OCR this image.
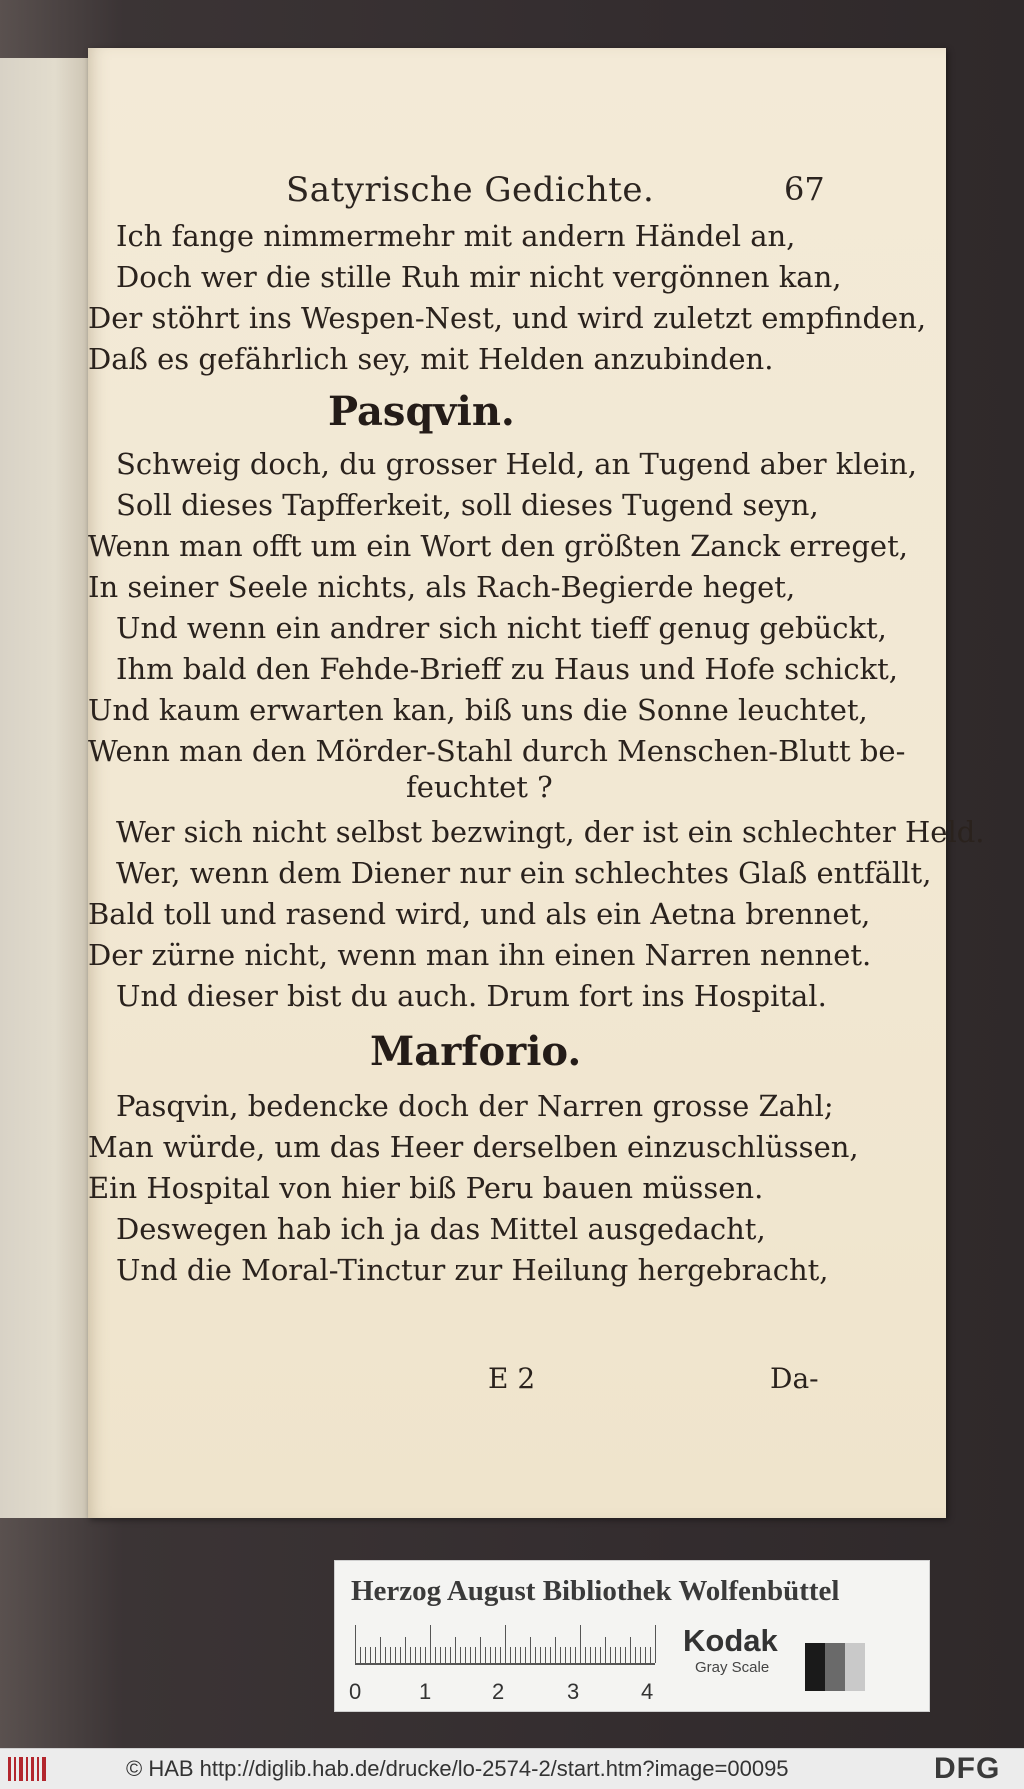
Satyrische Gedichte.	67
Ich fange nimmermehr mit andern Händel an,
Doch wer die stille Ruh mir nicht vergönnen kan,
Der stöhrt ins Wespen-Nest, und wird zuletzt empfinden,
Daß es gefährlich sey, mit Helden anzubinden.
Pasqvin.
Schweig doch, du grosser Held, an Tugend aber klein,
Soll dieses Tapfferkeit, soll dieses Tugend seyn,
Wenn man offt um ein Wort den größten Zanck erreget,
In seiner Seele nichts, als Rach-Begierde heget,
Und wenn ein andrer sich nicht tieff genug gebückt,
Ihm bald den Fehde-Brieff zu Haus und Hofe schickt,
Und kaum erwarten kan, biß uns die Sonne leuchtet,
Wenn man den Mörder-Stahl durch Menschen-Blutt be-
feuchtet ?
Wer sich nicht selbst bezwingt, der ist ein schlechter Held.
Wer, wenn dem Diener nur ein schlechtes Glaß entfällt,
Bald toll und rasend wird, und als ein Aetna brennet,
Der zürne nicht, wenn man ihn einen Narren nennet.
Und dieser bist du auch. Drum fort ins Hospital.
Marforio.
Pasqvin, bedencke doch der Narren grosse Zahl;
Man würde, um das Heer derselben einzuschlüssen,
Ein Hospital von hier biß Peru bauen müssen.
Deswegen hab ich ja das Mittel ausgedacht,
Und die Moral-Tinctur zur Heilung hergebracht,
E 2	Da-
Herzog August Bibliothek Wolfenbüttel
0	1	2	3	4
Kodak
Gray Scale
© HAB http://diglib.hab.de/drucke/lo-2574-2/start.htm?image=00095	DFG
